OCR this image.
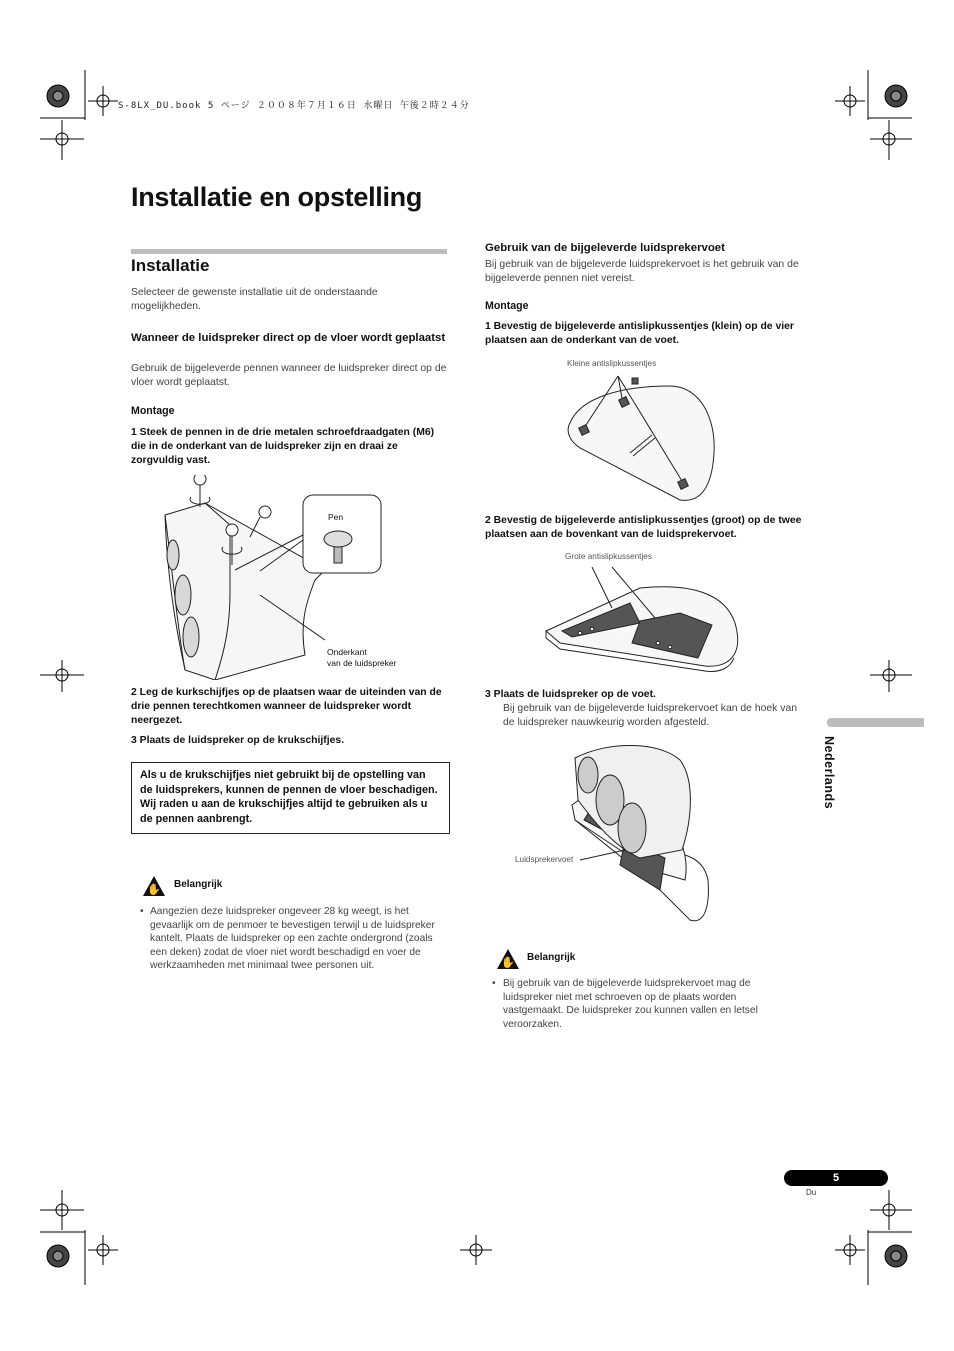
S-8LX_DU.book 5 ページ ２００８年７月１６日 水曜日 午後２時２４分
Installatie en opstelling
Installatie
Selecteer de gewenste installatie uit de onderstaande mogelijkheden.
Wanneer de luidspreker direct op de vloer wordt geplaatst
Gebruik de bijgeleverde pennen wanneer de luidspreker direct op de vloer wordt geplaatst.
Montage
1 Steek de pennen in de drie metalen schroefdraadgaten (M6) die in de onderkant van de luidspreker zijn en draai ze zorgvuldig vast.
Pen
Onderkant
van de luidspreker
2 Leg de kurkschijfjes op de plaatsen waar de uiteinden van de drie pennen terechtkomen wanneer de luidspreker wordt neergezet.
3 Plaats de luidspreker op de krukschijfjes.
Als u de krukschijfjes niet gebruikt bij de opstelling van de luidsprekers, kunnen de pennen de vloer beschadigen. Wij raden u aan de krukschijfjes altijd te gebruiken als u de pennen aanbrengt.
✋ Belangrijk
• Aangezien deze luidspreker ongeveer 28 kg weegt, is het gevaarlijk om de penmoer te bevestigen terwijl u de luidspreker kantelt. Plaats de luidspreker op een zachte ondergrond (zoals een deken) zodat de vloer niet wordt beschadigd en voer de werkzaamheden met minimaal twee personen uit.
Gebruik van de bijgeleverde luidsprekervoet
Bij gebruik van de bijgeleverde luidsprekervoet is het gebruik van de bijgeleverde pennen niet vereist.
Montage
1 Bevestig de bijgeleverde antislipkussentjes (klein) op de vier plaatsen aan de onderkant van de voet.
Kleine antislipkussentjes
2 Bevestig de bijgeleverde antislipkussentjes (groot) op de twee plaatsen aan de bovenkant van de luidsprekervoet.
Grote antislipkussentjes
3 Plaats de luidspreker op de voet.
Bij gebruik van de bijgeleverde luidsprekervoet kan de hoek van de luidspreker nauwkeurig worden afgesteld.
Luidsprekervoet
✋ Belangrijk
• Bij gebruik van de bijgeleverde luidsprekervoet mag de luidspreker niet met schroeven op de plaats worden vastgemaakt. De luidspreker zou kunnen vallen en letsel veroorzaken.
Nederlands
5
Du
